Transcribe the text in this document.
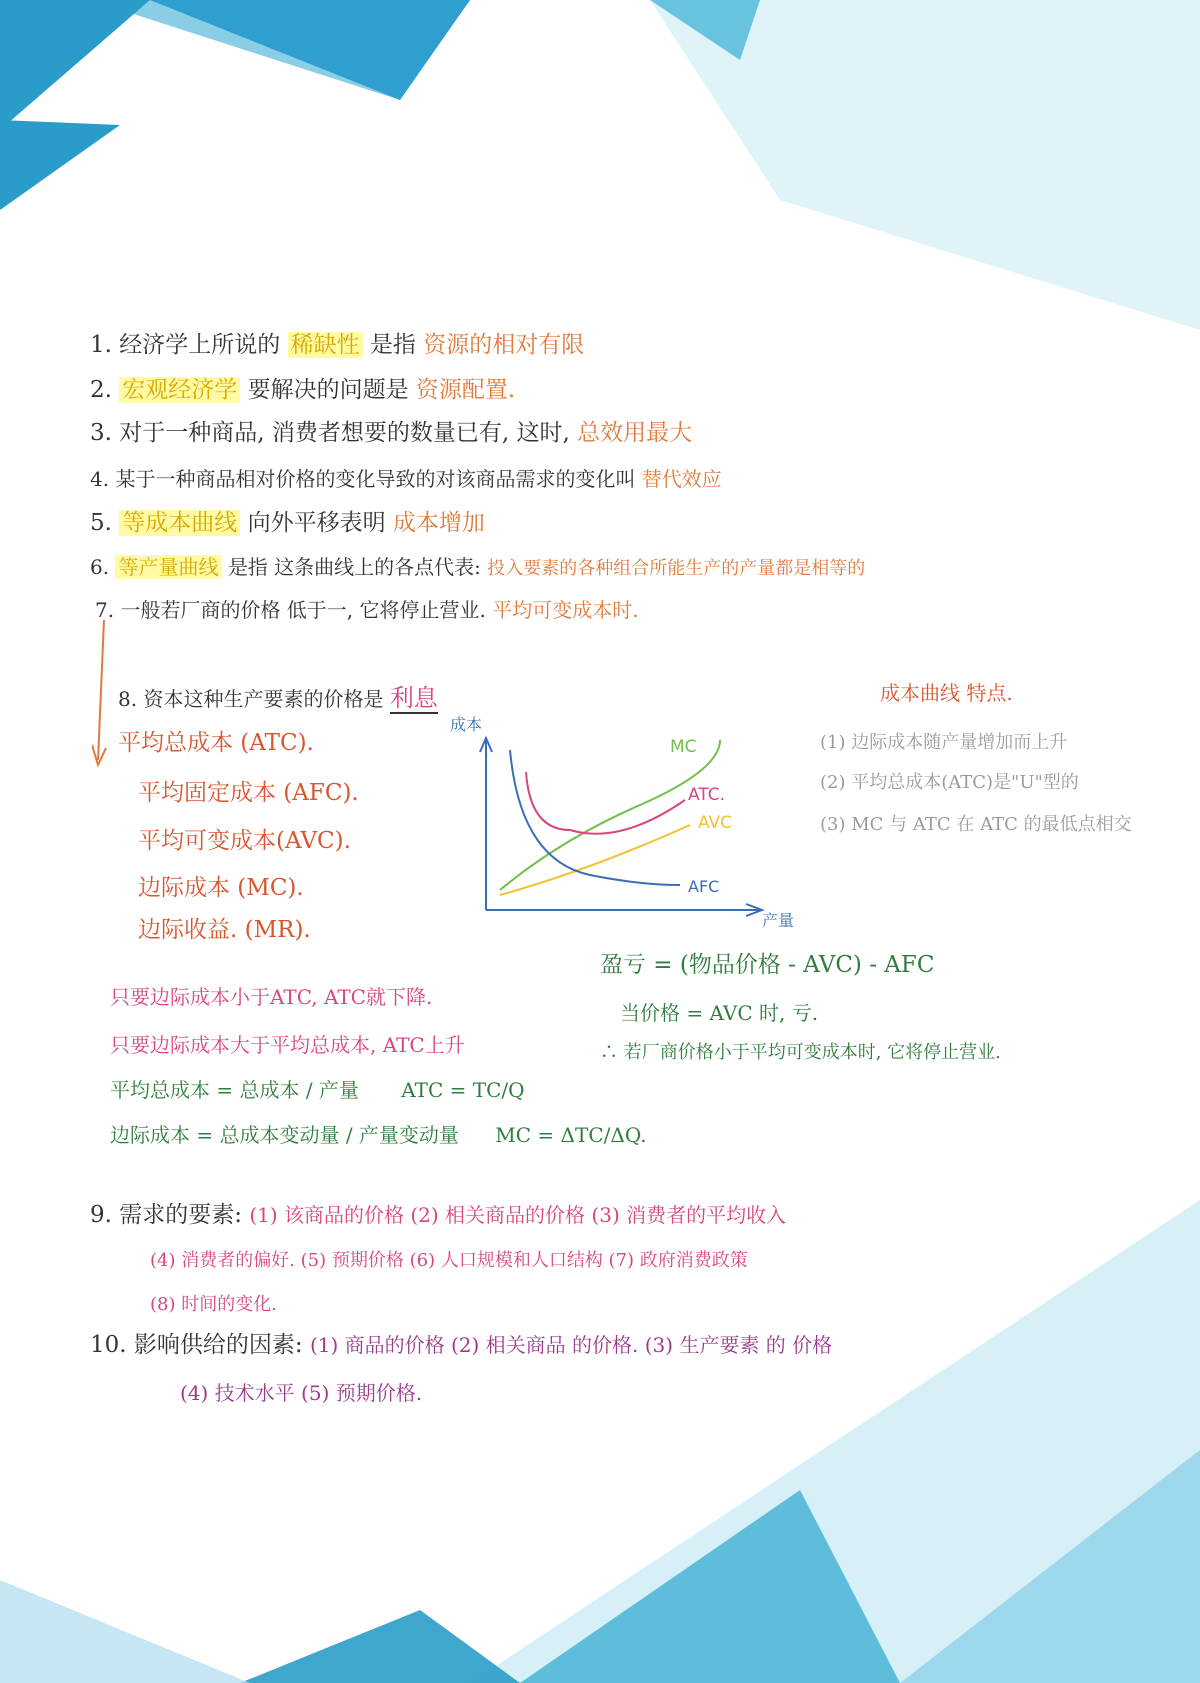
1. 经济学上所说的 稀缺性 是指 资源的相对有限
2. 宏观经济学 要解决的问题是 资源配置.
3. 对于一种商品, 消费者想要的数量已有, 这时, 总效用最大
4. 某于一种商品相对价格的变化导致的对该商品需求的变化叫 替代效应
5. 等成本曲线 向外平移表明 成本增加
6. 等产量曲线 是指 这条曲线上的各点代表: 投入要素的各种组合所能生产的产量都是相等的
7. 一般若厂商的价格 低于一, 它将停止营业. 平均可变成本时.
8. 资本这种生产要素的价格是 利息
平均总成本 (ATC).
平均固定成本 (AFC).
平均可变成本(AVC).
边际成本 (MC).
边际收益. (MR).
成本
产量
MC
ATC.
AVC
AFC
成本曲线 特点.
(1) 边际成本随产量增加而上升
(2) 平均总成本(ATC)是"U"型的
(3) MC 与 ATC 在 ATC 的最低点相交
盈亏 = (物品价格 - AVC) - AFC
当价格 = AVC 时, 亏.
∴ 若厂商价格小于平均可变成本时, 它将停止营业.
只要边际成本小于ATC, ATC就下降.
只要边际成本大于平均总成本, ATC上升
平均总成本 = 总成本 / 产量 ATC = TC/Q
边际成本 = 总成本变动量 / 产量变动量 MC = ΔTC/ΔQ.
9. 需求的要素: (1) 该商品的价格 (2) 相关商品的价格 (3) 消费者的平均收入
(4) 消费者的偏好. (5) 预期价格 (6) 人口规模和人口结构 (7) 政府消费政策
(8) 时间的变化.
10. 影响供给的因素: (1) 商品的价格 (2) 相关商品 的价格. (3) 生产要素 的 价格
(4) 技术水平 (5) 预期价格.
